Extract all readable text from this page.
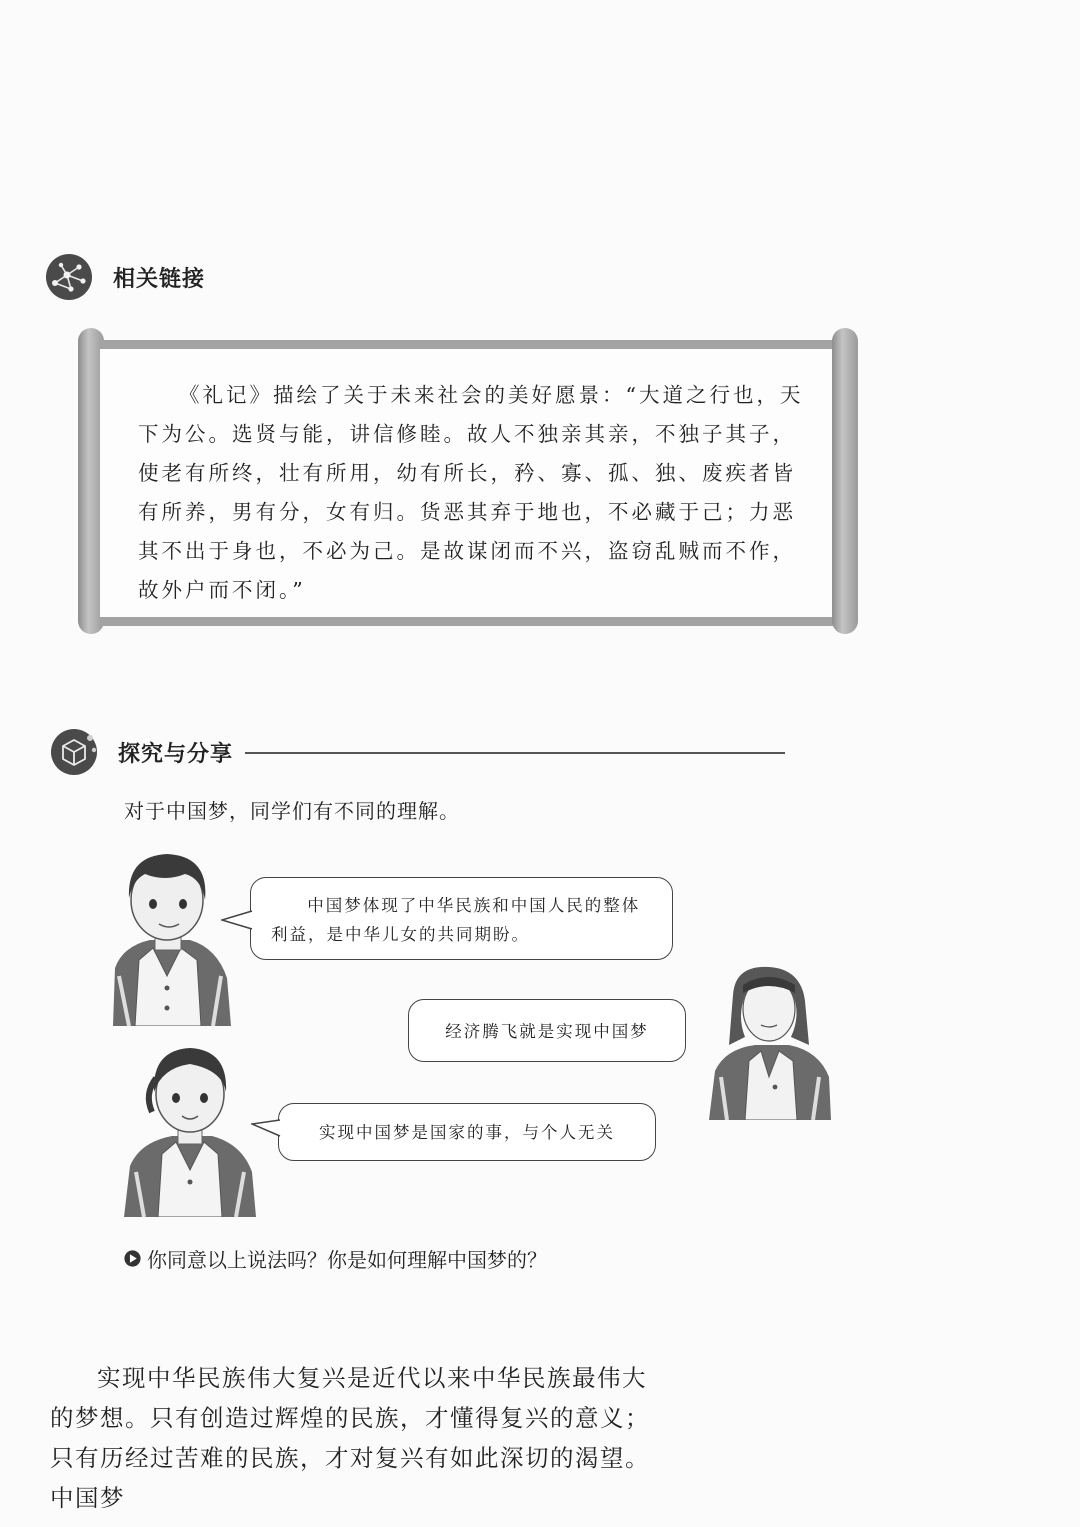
相关链接

《礼记》描绘了关于未来社会的美好愿景：“大道之行也，天下为公。选贤与能，讲信修睦。故人不独亲其亲，不独子其子，使老有所终，壮有所用，幼有所长，矜、寡、孤、独、废疾者皆有所养，男有分，女有归。货恶其弃于地也，不必藏于己；力恶其不出于身也，不必为己。是故谋闭而不兴，盗窃乱贼而不作，故外户而不闭。”

探究与分享
对于中国梦，同学们有不同的理解。
中国梦体现了中华民族和中国人民的整体利益，是中华儿女的共同期盼。
经济腾飞就是实现中国梦
实现中国梦是国家的事，与个人无关
你同意以上说法吗？你是如何理解中国梦的？

实现中华民族伟大复兴是近代以来中华民族最伟大的梦想。只有创造过辉煌的民族，才懂得复兴的意义；只有历经过苦难的民族，才对复兴有如此深切的渴望。中国梦
